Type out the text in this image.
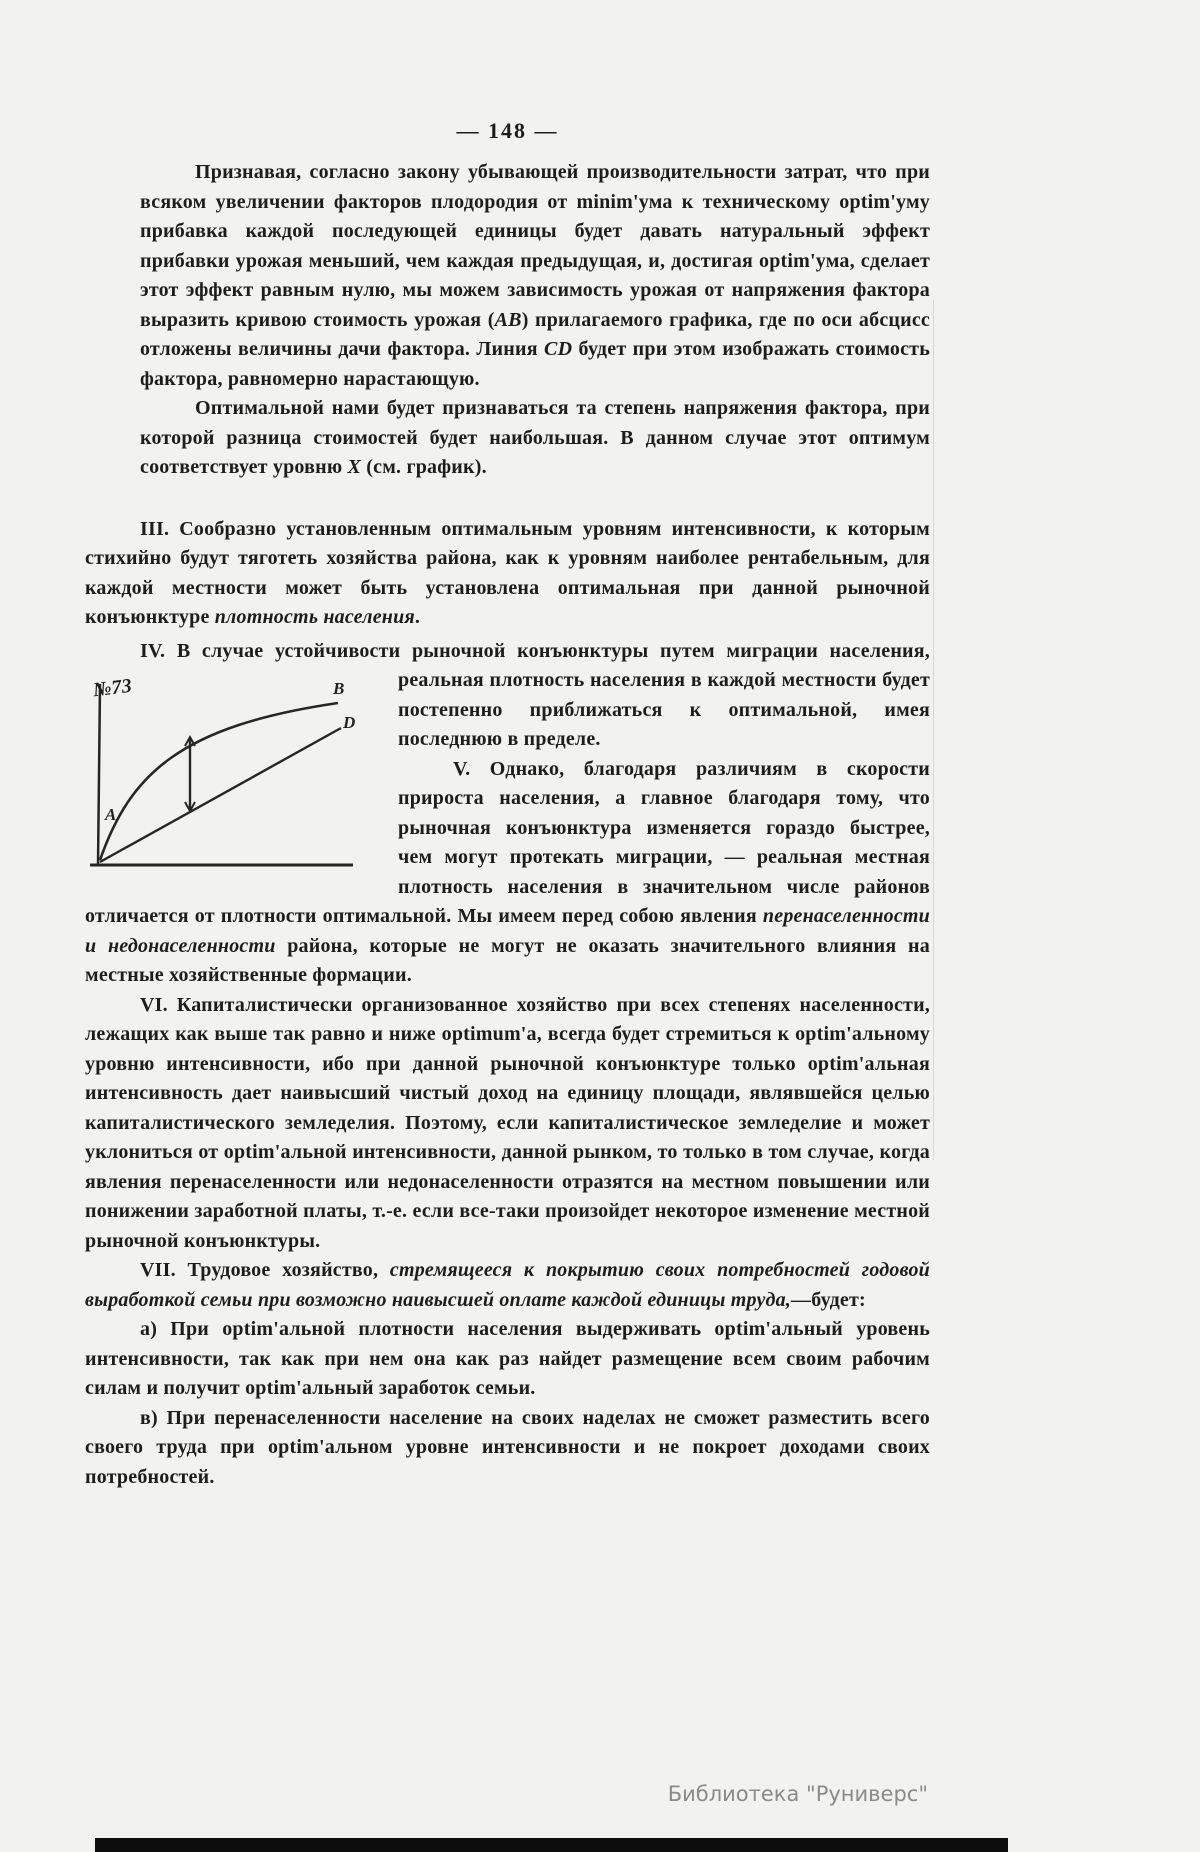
— 148 —

Признавая, согласно закону убывающей производительности затрат, что при всяком увеличении факторов плодородия от minim'ума к техническому optim'уму прибавка каждой последующей единицы будет давать натуральный эффект прибавки урожая меньший, чем каждая предыдущая, и, достигая optim'ума, сделает этот эффект равным нулю, мы можем зависимость урожая от напряжения фактора выразить кривою стоимость урожая (AB) прилагаемого графика, где по оси абсцисс отложены величины дачи фактора. Линия CD будет при этом изображать стоимость фактора, равномерно нарастающую.

Оптимальной нами будет признаваться та степень напряжения фактора, при которой разница стоимостей будет наибольшая. В данном случае этот оптимум соответствует уровню X (см. график).

III. Сообразно установленным оптимальным уровням интенсивности, к которым стихийно будут тяготеть хозяйства района, как к уровням наиболее рентабельным, для каждой местности может быть установлена оптимальная при данной рыночной конъюнктуре плотность населения.

IV. В случае устойчивости рыночной конъюнктуры путем миграции населения,
№73
A
B
D
реальная плотность населения в каждой местности будет постепенно приближаться к оптимальной, имея последнюю в пределе.

V. Однако, благодаря различиям в скорости прироста населения, а главное благодаря тому, что рыночная конъюнктура изменяется гораздо быстрее, чем могут протекать миграции, — реальная местная плотность населения в значительном числе районов отличается от плотности оптимальной. Мы имеем перед собою явления перенаселенности и недонаселенности района, которые не могут не оказать значительного влияния на местные хозяйственные формации.

VI. Капиталистически организованное хозяйство при всех степенях населенности, лежащих как выше так равно и ниже optimum'а, всегда будет стремиться к optim'альному уровню интенсивности, ибо при данной рыночной конъюнктуре только optim'альная интенсивность дает наивысший чистый доход на единицу площади, являвшейся целью капиталистического земледелия. Поэтому, если капиталистическое земледелие и может уклониться от optim'альной интенсивности, данной рынком, то только в том случае, когда явления перенаселенности или недонаселенности отразятся на местном повышении или понижении заработной платы, т.-е. если все-таки произойдет некоторое изменение местной рыночной конъюнктуры.

VII. Трудовое хозяйство, стремящееся к покрытию своих потребностей годовой выработкой семьи при возможно наивысшей оплате каждой единицы труда,—будет:

а) При optim'альной плотности населения выдерживать optim'альный уровень интенсивности, так как при нем она как раз найдет размещение всем своим рабочим силам и получит optim'альный заработок семьи.

в) При перенаселенности население на своих наделах не сможет разместить всего своего труда при optim'альном уровне интенсивности и не покроет доходами своих потребностей.

Библиотека "Руниверс"
